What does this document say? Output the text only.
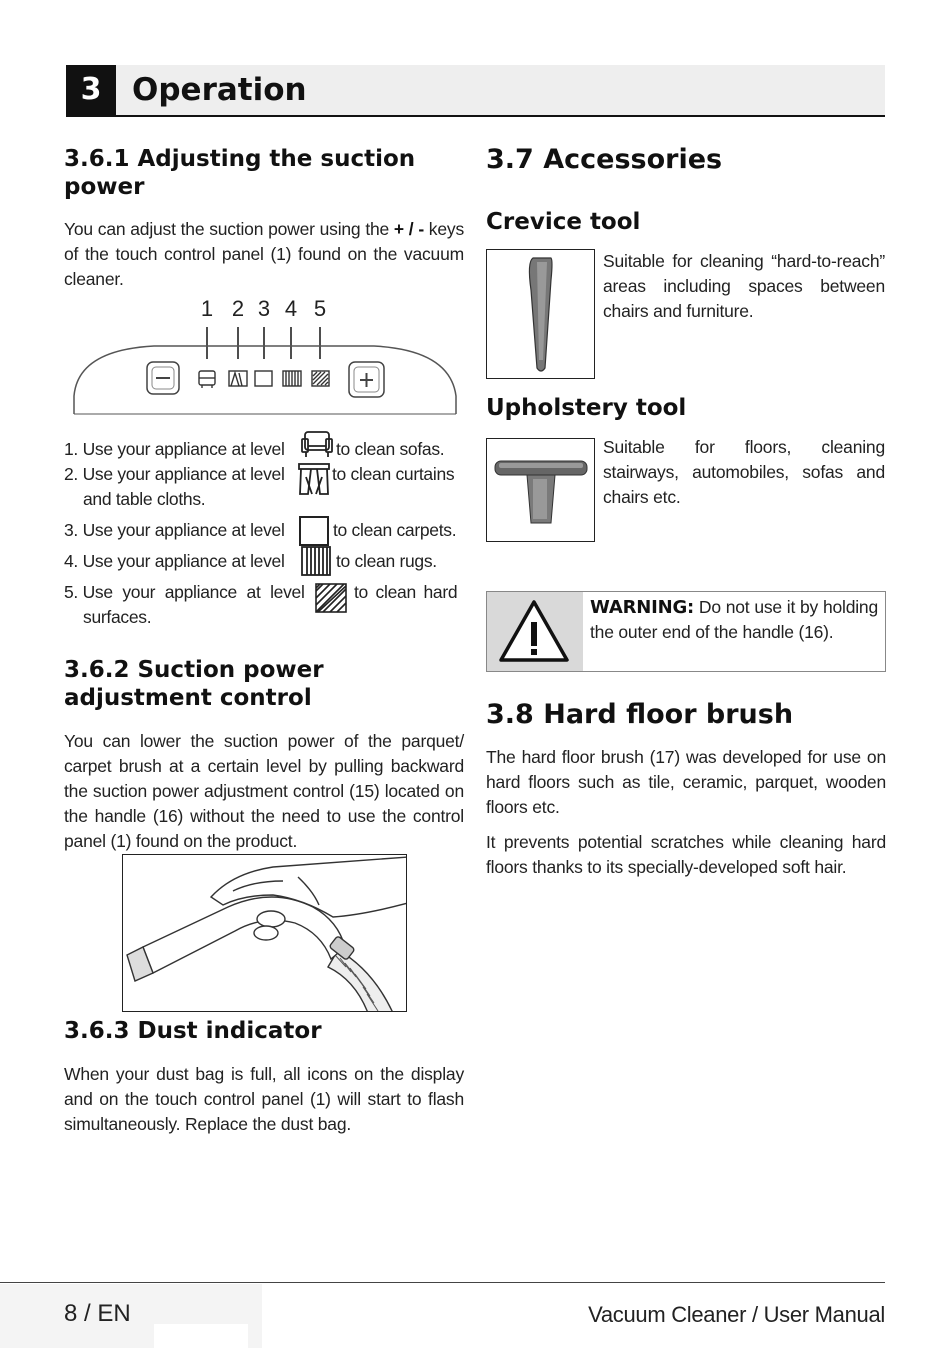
3 Operation
3.6.1 Adjusting the suction power

You can adjust the suction power using the + / - keys of the touch control panel (1) found on the vacuum cleaner.

1 2 3 4 5
1. Use your appliance at level	to clean sofas.
2. Use your appliance at level	to clean curtains
and table cloths.
3. Use your appliance at level	to clean carpets.
4. Use your appliance at level	to clean rugs.
5. Use your appliance at level	to clean hard
surfaces.
3.6.2 Suction power adjustment control

You can lower the suction power of the parquet/ carpet brush at a certain level by pulling backward the suction power adjustment control (15) located on the handle (16) without the need to use the control panel (1) found on the product.

3.6.3 Dust indicator

When your dust bag is full, all icons on the display and on the touch control panel (1) will start to flash simultaneously. Replace the dust bag.

3.7 Accessories
Crevice tool

Suitable for cleaning “hard-to-reach” areas including spaces between chairs and furniture.

Upholstery tool

Suitable for floors, cleaning stairways, automobiles, sofas and chairs etc.

WARNING: Do not use it by holding the outer end of the handle (16).

3.8 Hard floor brush

The hard floor brush (17) was developed for use on hard floors such as tile, ceramic, parquet, wooden floors etc.

It prevents potential scratches while cleaning hard floors thanks to its specially-developed soft hair.

8 / EN	Vacuum Cleaner / User Manual
